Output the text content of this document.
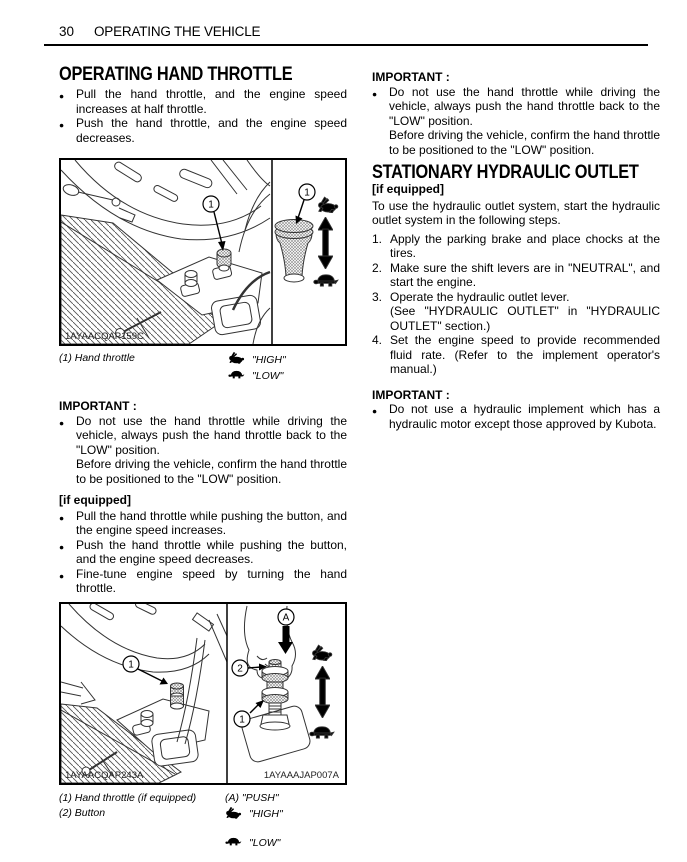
30 OPERATING THE VEHICLE
OPERATING HAND THROTTLE
● Pull the hand throttle, and the engine speed increases at half throttle.
● Push the hand throttle, and the engine speed decreases.
1
1AYAACQAP159C
1
(1) Hand throttle	"HIGH"
"LOW"
IMPORTANT :
● Do not use the hand throttle while driving the vehicle, always push the hand throttle back to the "LOW" position.
Before driving the vehicle, confirm the hand throttle to be positioned to the "LOW" position.
[if equipped]
● Pull the hand throttle while pushing the button, and the engine speed increases.
● Push the hand throttle while pushing the button, and the engine speed decreases.
● Fine-tune engine speed by turning the hand throttle.
1
1AYAACQAP243A
A
2
1
1AYAAAJAP007A
(1) Hand throttle (if equipped)
(2) Button
(A) "PUSH"
"HIGH"
"LOW"
IMPORTANT :
● Do not use the hand throttle while driving the vehicle, always push the hand throttle back to the "LOW" position.
Before driving the vehicle, confirm the hand throttle to be positioned to the "LOW" position.
STATIONARY HYDRAULIC OUTLET
[if equipped]
To use the hydraulic outlet system, start the hydraulic outlet system in the following steps.
1. Apply the parking brake and place chocks at the tires.
2. Make sure the shift levers are in "NEUTRAL", and start the engine.
3. Operate the hydraulic outlet lever.
(See "HYDRAULIC OUTLET" in "HYDRAULIC OUTLET" section.)
4. Set the engine speed to provide recommended fluid rate. (Refer to the implement operator's manual.)
IMPORTANT :
● Do not use a hydraulic implement which has a hydraulic motor except those approved by Kubota.
